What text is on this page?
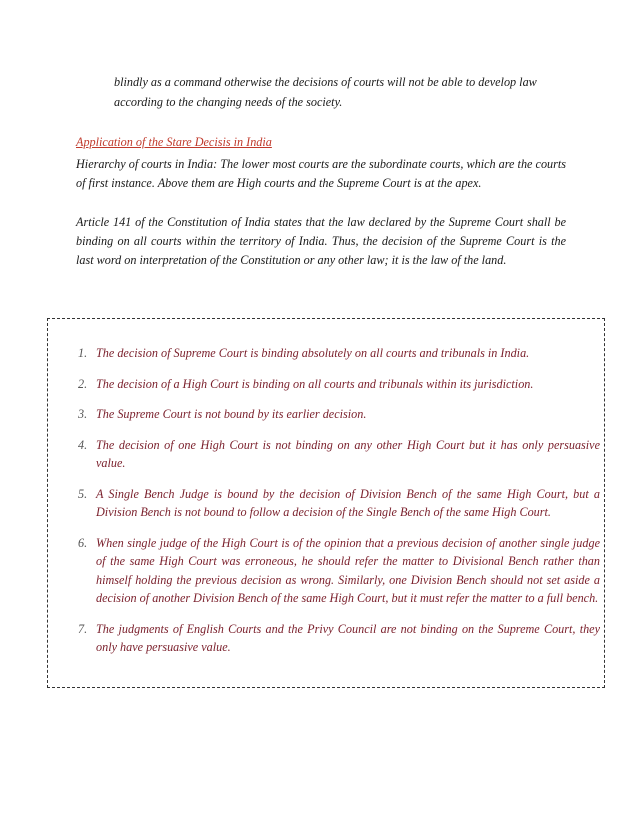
blindly as a command otherwise the decisions of courts will not be able to develop law according to the changing needs of the society.

Application of the Stare Decisis in India

Hierarchy of courts in India: The lower most courts are the subordinate courts, which are the courts of first instance. Above them are High courts and the Supreme Court is at the apex.

Article 141 of the Constitution of India states that the law declared by the Supreme Court shall be binding on all courts within the territory of India. Thus, the decision of the Supreme Court is the last word on interpretation of the Constitution or any other law; it is the law of the land.

1. The decision of Supreme Court is binding absolutely on all courts and tribunals in India.
2. The decision of a High Court is binding on all courts and tribunals within its jurisdiction.
3. The Supreme Court is not bound by its earlier decision.
4. The decision of one High Court is not binding on any other High Court but it has only persuasive value.
5. A Single Bench Judge is bound by the decision of Division Bench of the same High Court, but a Division Bench is not bound to follow a decision of the Single Bench of the same High Court.
6. When single judge of the High Court is of the opinion that a previous decision of another single judge of the same High Court was erroneous, he should refer the matter to Divisional Bench rather than himself holding the previous decision as wrong. Similarly, one Division Bench should not set aside a decision of another Division Bench of the same High Court, but it must refer the matter to a full bench.
7. The judgments of English Courts and the Privy Council are not binding on the Supreme Court, they only have persuasive value.
